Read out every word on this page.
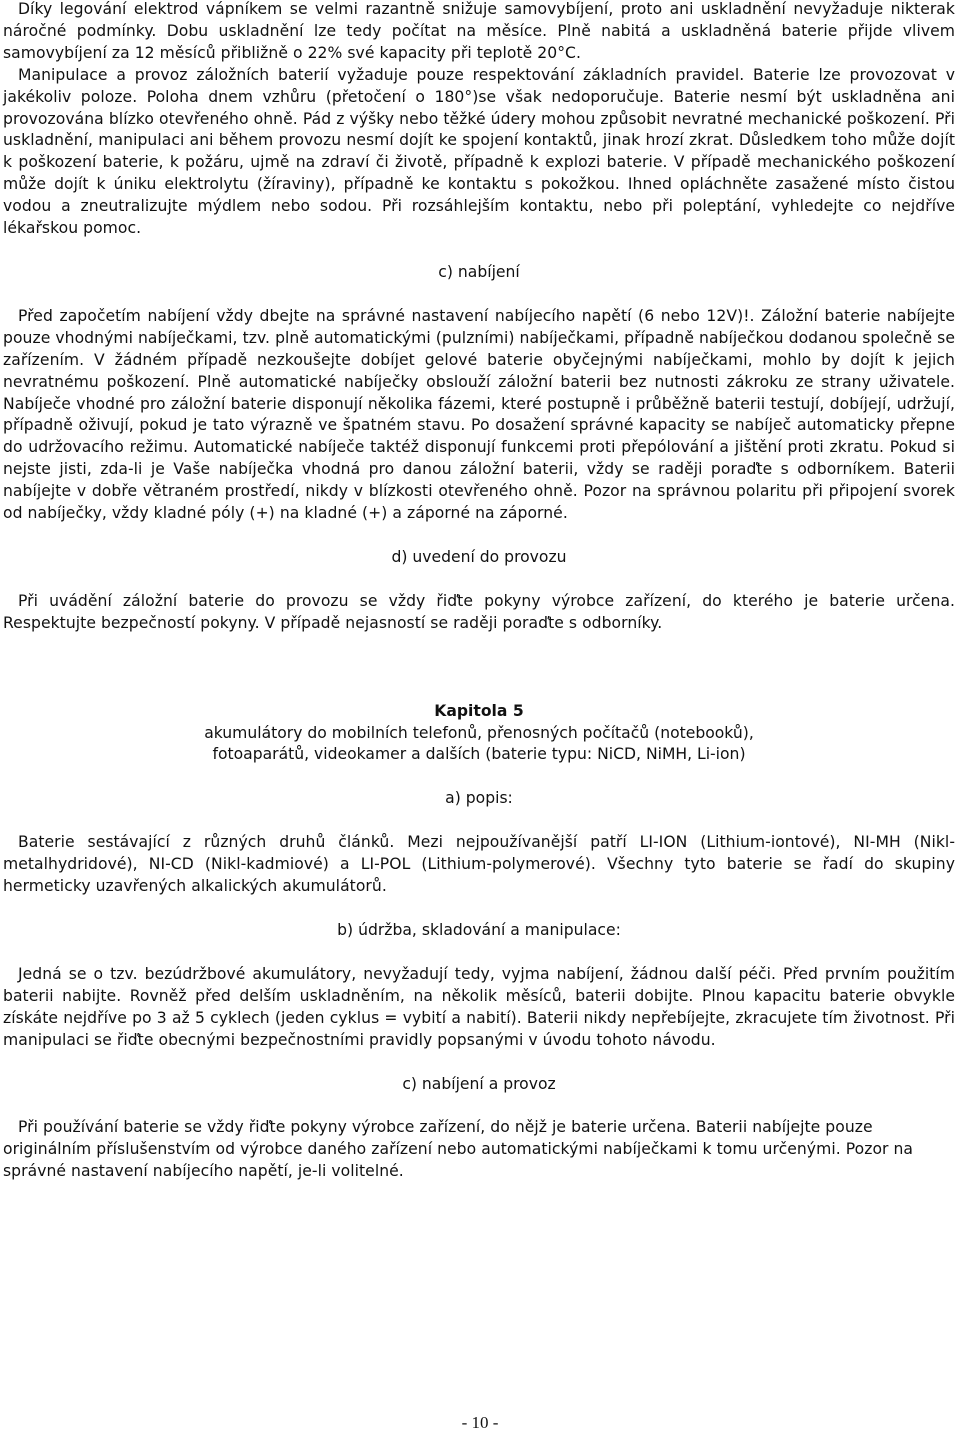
Díky legování elektrod vápníkem se velmi razantně snižuje samovybíjení, proto ani uskladnění nevyžaduje nikterak náročné podmínky. Dobu uskladnění lze tedy počítat na měsíce. Plně nabitá a uskladněná baterie přijde vlivem samovybíjení za 12 měsíců přibližně o 22% své kapacity při teplotě 20°C.

Manipulace a provoz záložních baterií vyžaduje pouze respektování základních pravidel. Baterie lze provozovat v jakékoliv poloze. Poloha dnem vzhůru (přetočení o 180°)se však nedoporučuje. Baterie nesmí být uskladněna ani provozována blízko otevřeného ohně. Pád z výšky nebo těžké údery mohou způsobit nevratné mechanické poškození. Při uskladnění, manipulaci ani během provozu nesmí dojít ke spojení kontaktů, jinak hrozí zkrat. Důsledkem toho může dojít k poškození baterie, k požáru, ujmě na zdraví či životě, případně k explozi baterie. V případě mechanického poškození může dojít k úniku elektrolytu (žíraviny), případně ke kontaktu s pokožkou. Ihned opláchněte zasažené místo čistou vodou a zneutralizujte mýdlem nebo sodou. Při rozsáhlejším kontaktu, nebo při poleptání, vyhledejte co nejdříve lékařskou pomoc.

c) nabíjení

Před započetím nabíjení vždy dbejte na správné nastavení nabíjecího napětí (6 nebo 12V)!. Záložní baterie nabíjejte pouze vhodnými nabíječkami, tzv. plně automatickými (pulzními) nabíječkami, případně nabíječkou dodanou společně se zařízením. V žádném případě nezkoušejte dobíjet gelové baterie obyčejnými nabíječkami, mohlo by dojít k jejich nevratnému poškození. Plně automatické nabíječky obslouží záložní baterii bez nutnosti zákroku ze strany uživatele. Nabíječe vhodné pro záložní baterie disponují několika fázemi, které postupně i průběžně baterii testují, dobíjejí, udržují, případně oživují, pokud je tato výrazně ve špatném stavu. Po dosažení správné kapacity se nabíječ automaticky přepne do udržovacího režimu. Automatické nabíječe taktéž disponují funkcemi proti přepólování a jištění proti zkratu. Pokud si nejste jisti, zda-li je Vaše nabíječka vhodná pro danou záložní baterii, vždy se raději poraďte s odborníkem. Baterii nabíjejte v dobře větraném prostředí, nikdy v blízkosti otevřeného ohně. Pozor na správnou polaritu při připojení svorek od nabíječky, vždy kladné póly (+) na kladné (+) a záporné na záporné.

d) uvedení do provozu

Při uvádění záložní baterie do provozu se vždy řiďte pokyny výrobce zařízení, do kterého je baterie určena. Respektujte bezpečností pokyny. V případě nejasností se raději poraďte s odborníky.

Kapitola 5
akumulátory do mobilních telefonů, přenosných počítačů (notebooků),
fotoaparátů, videokamer a dalších (baterie typu: NiCD, NiMH, Li-ion)

a) popis:

Baterie sestávající z různých druhů článků. Mezi nejpoužívanější patří LI-ION (Lithium-iontové), NI-MH (Nikl-metalhydridové), NI-CD (Nikl-kadmiové) a LI-POL (Lithium-polymerové). Všechny tyto baterie se řadí do skupiny hermeticky uzavřených alkalických akumulátorů.

b) údržba, skladování a manipulace:

Jedná se o tzv. bezúdržbové akumulátory, nevyžadují tedy, vyjma nabíjení, žádnou další péči. Před prvním použitím baterii nabijte. Rovněž před delším uskladněním, na několik měsíců, baterii dobijte. Plnou kapacitu baterie obvykle získáte nejdříve po 3 až 5 cyklech (jeden cyklus = vybití a nabití). Baterii nikdy nepřebíjejte, zkracujete tím životnost. Při manipulaci se řiďte obecnými bezpečnostními pravidly popsanými v úvodu tohoto návodu.

c) nabíjení a provoz

Při používání baterie se vždy řiďte pokyny výrobce zařízení, do nějž je baterie určena. Baterii nabíjejte pouze originálním příslušenstvím od výrobce daného zařízení nebo automatickými nabíječkami k tomu určenými. Pozor na správné nastavení nabíjecího napětí, je-li volitelné.

- 10 -
